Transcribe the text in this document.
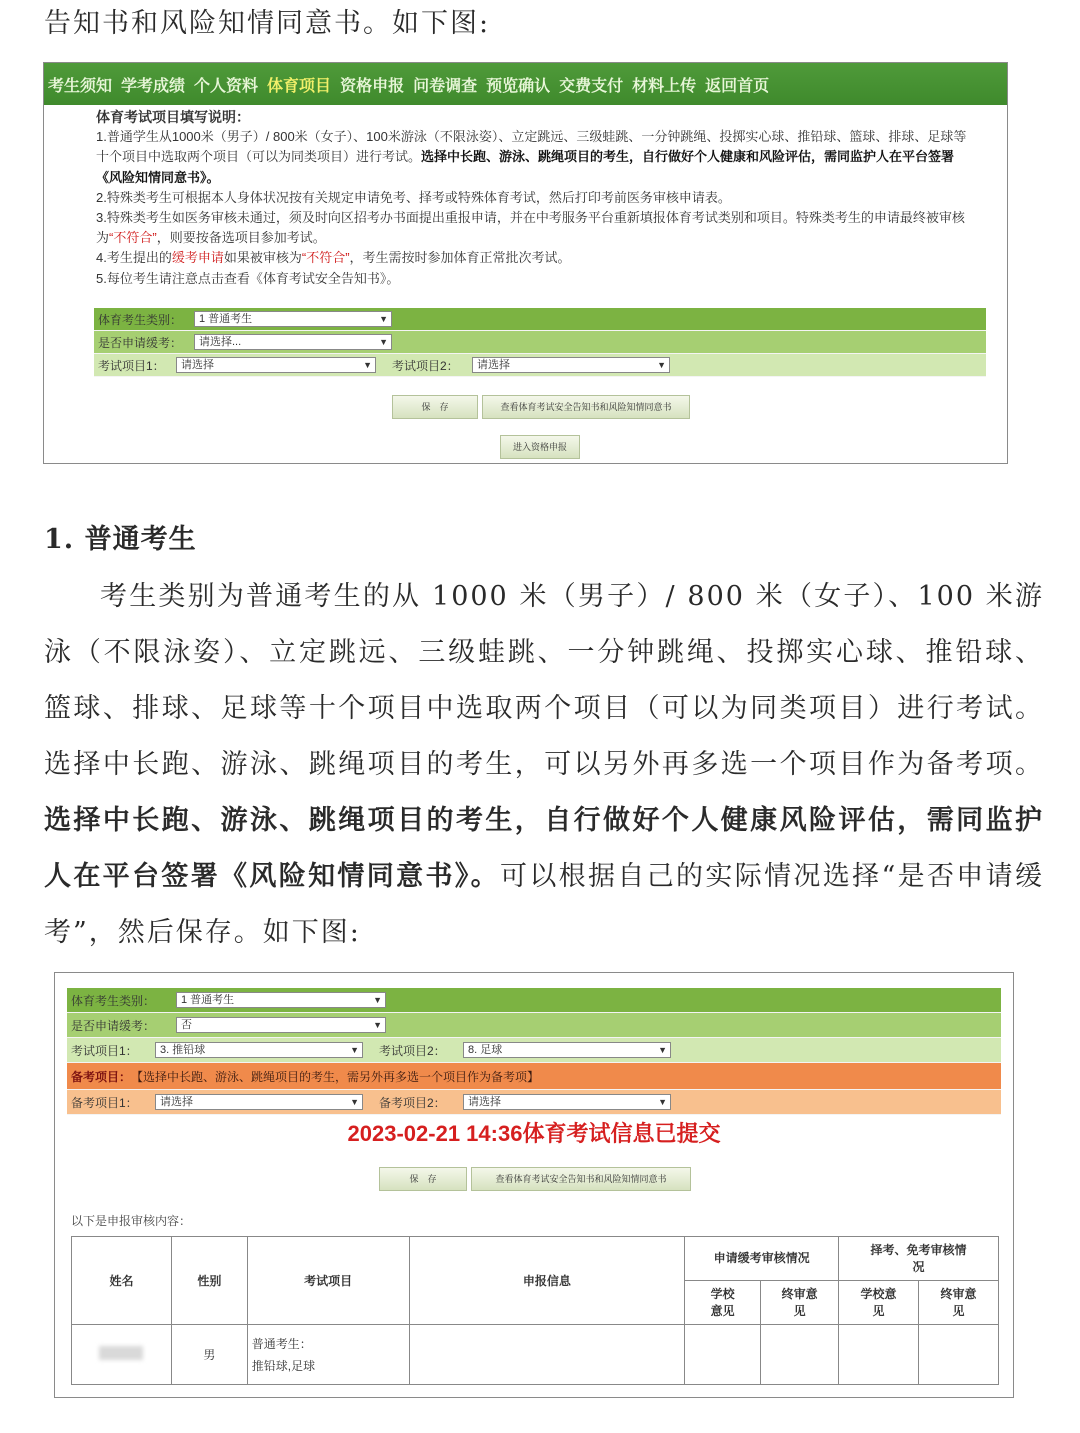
告知书和风险知情同意书。如下图:
考生须知 学考成绩 个人资料 体育项目 资格申报 问卷调查 预览确认 交费支付 材料上传 返回首页
体育考试项目填写说明：
1.普通学生从1000米（男子）/ 800米（女子）、100米游泳（不限泳姿）、立定跳远、三级蛙跳、一分钟跳绳、投掷实心球、推铅球、篮球、排球、足球等十个项目中选取两个项目（可以为同类项目）进行考试。选择中长跑、游泳、跳绳项目的考生，自行做好个人健康和风险评估，需同监护人在平台签署《风险知情同意书》。
2.特殊类考生可根据本人身体状况按有关规定申请免考、择考或特殊体育考试，然后打印考前医务审核申请表。
3.特殊类考生如医务审核未通过，须及时向区招考办书面提出重报申请，并在中考服务平台重新填报体育考试类别和项目。特殊类考生的申请最终被审核为“不符合”，则要按备选项目参加考试。
4.考生提出的缓考申请如果被审核为“不符合”，考生需按时参加体育正常批次考试。
5.每位考生请注意点击查看《体育考试安全告知书》。
体育考生类别：	1 普通考生	▼
是否申请缓考：	请选择...	▼
考试项目1：	请选择	▼ 考试项目2：	请选择	▼
保　存	查看体育考试安全告知书和风险知情同意书
进入资格申报
1. 普通考生
考生类别为普通考生的从 1000 米（男子）/ 800 米（女子）、100 米游泳（不限泳姿）、立定跳远、三级蛙跳、一分钟跳绳、投掷实心球、推铅球、篮球、排球、足球等十个项目中选取两个项目（可以为同类项目）进行考试。选择中长跑、游泳、跳绳项目的考生，可以另外再多选一个项目作为备考项。选择中长跑、游泳、跳绳项目的考生，自行做好个人健康风险评估，需同监护人在平台签署《风险知情同意书》。可以根据自己的实际情况选择“是否申请缓考”，然后保存。如下图:
体育考生类别：	1 普通考生	▼
是否申请缓考：	否	▼
考试项目1：	3. 推铅球	▼ 考试项目2：	8. 足球	▼
备考项目： 【选择中长跑、游泳、跳绳项目的考生，需另外再多选一个项目作为备考项】
备考项目1：	请选择	▼ 备考项目2：	请选择	▼
2023-02-21 14:36体育考试信息已提交
保　存	查看体育考试安全告知书和风险知情同意书
以下是申报审核内容：
姓名	性别	考试项目	申报信息	申请缓考审核情况		择考、免考审核情况	
				学校意见	终审意见	学校意见	终审意见
	男	普通考生：
推铅球,足球					
